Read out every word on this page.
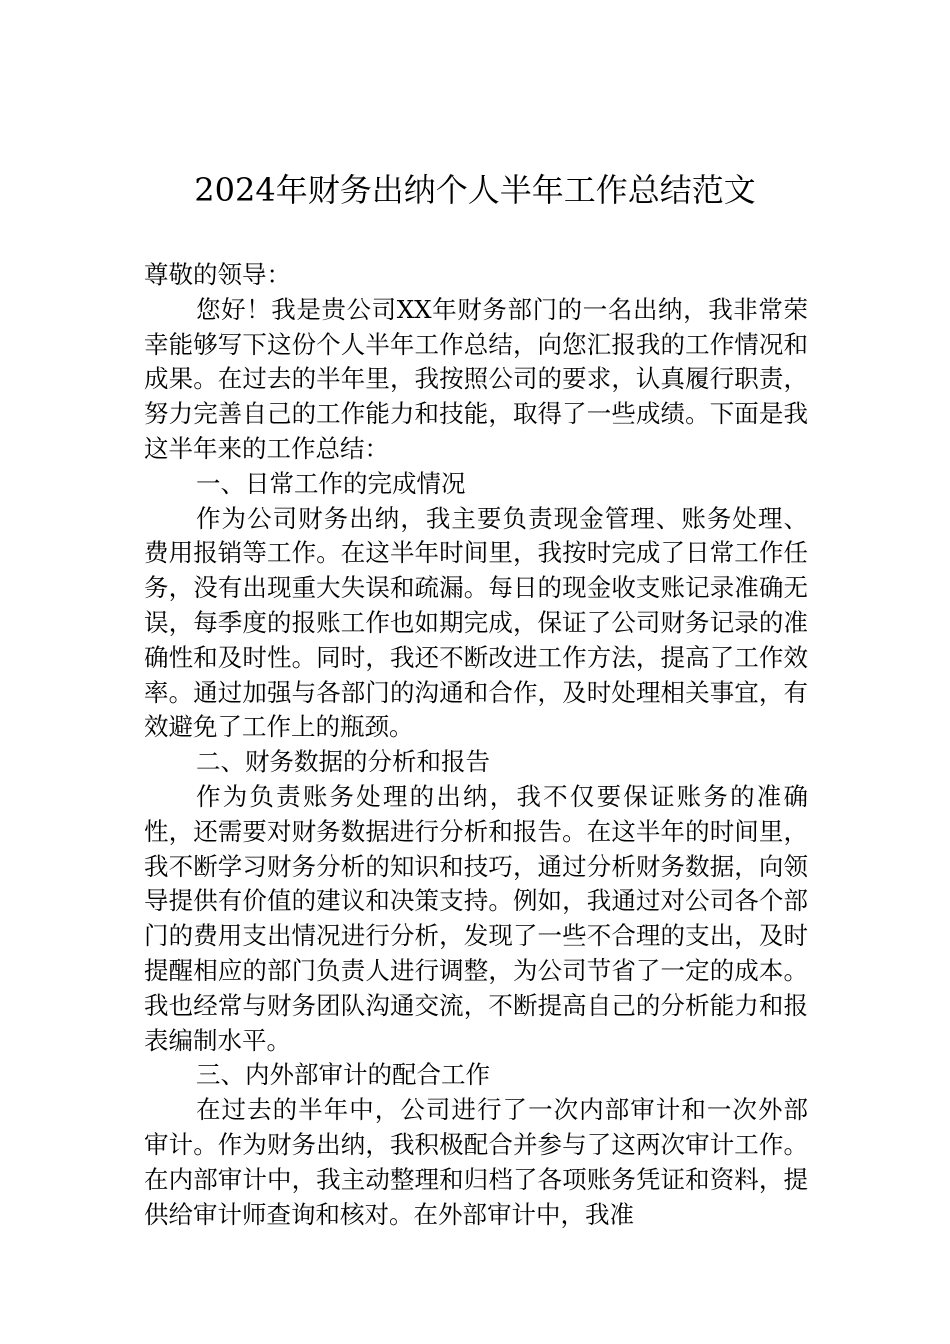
2024年财务出纳个人半年工作总结范文

尊敬的领导：

您好！我是贵公司XX年财务部门的一名出纳，我非常荣幸能够写下这份个人半年工作总结，向您汇报我的工作情况和成果。在过去的半年里，我按照公司的要求，认真履行职责，努力完善自己的工作能力和技能，取得了一些成绩。下面是我这半年来的工作总结：

一、日常工作的完成情况

作为公司财务出纳，我主要负责现金管理、账务处理、费用报销等工作。在这半年时间里，我按时完成了日常工作任务，没有出现重大失误和疏漏。每日的现金收支账记录准确无误，每季度的报账工作也如期完成，保证了公司财务记录的准确性和及时性。同时，我还不断改进工作方法，提高了工作效率。通过加强与各部门的沟通和合作，及时处理相关事宜，有效避免了工作上的瓶颈。

二、财务数据的分析和报告

作为负责账务处理的出纳，我不仅要保证账务的准确性，还需要对财务数据进行分析和报告。在这半年的时间里，我不断学习财务分析的知识和技巧，通过分析财务数据，向领导提供有价值的建议和决策支持。例如，我通过对公司各个部门的费用支出情况进行分析，发现了一些不合理的支出，及时提醒相应的部门负责人进行调整，为公司节省了一定的成本。我也经常与财务团队沟通交流，不断提高自己的分析能力和报表编制水平。

三、内外部审计的配合工作

在过去的半年中，公司进行了一次内部审计和一次外部审计。作为财务出纳，我积极配合并参与了这两次审计工作。在内部审计中，我主动整理和归档了各项账务凭证和资料，提供给审计师查询和核对。在外部审计中，我准
